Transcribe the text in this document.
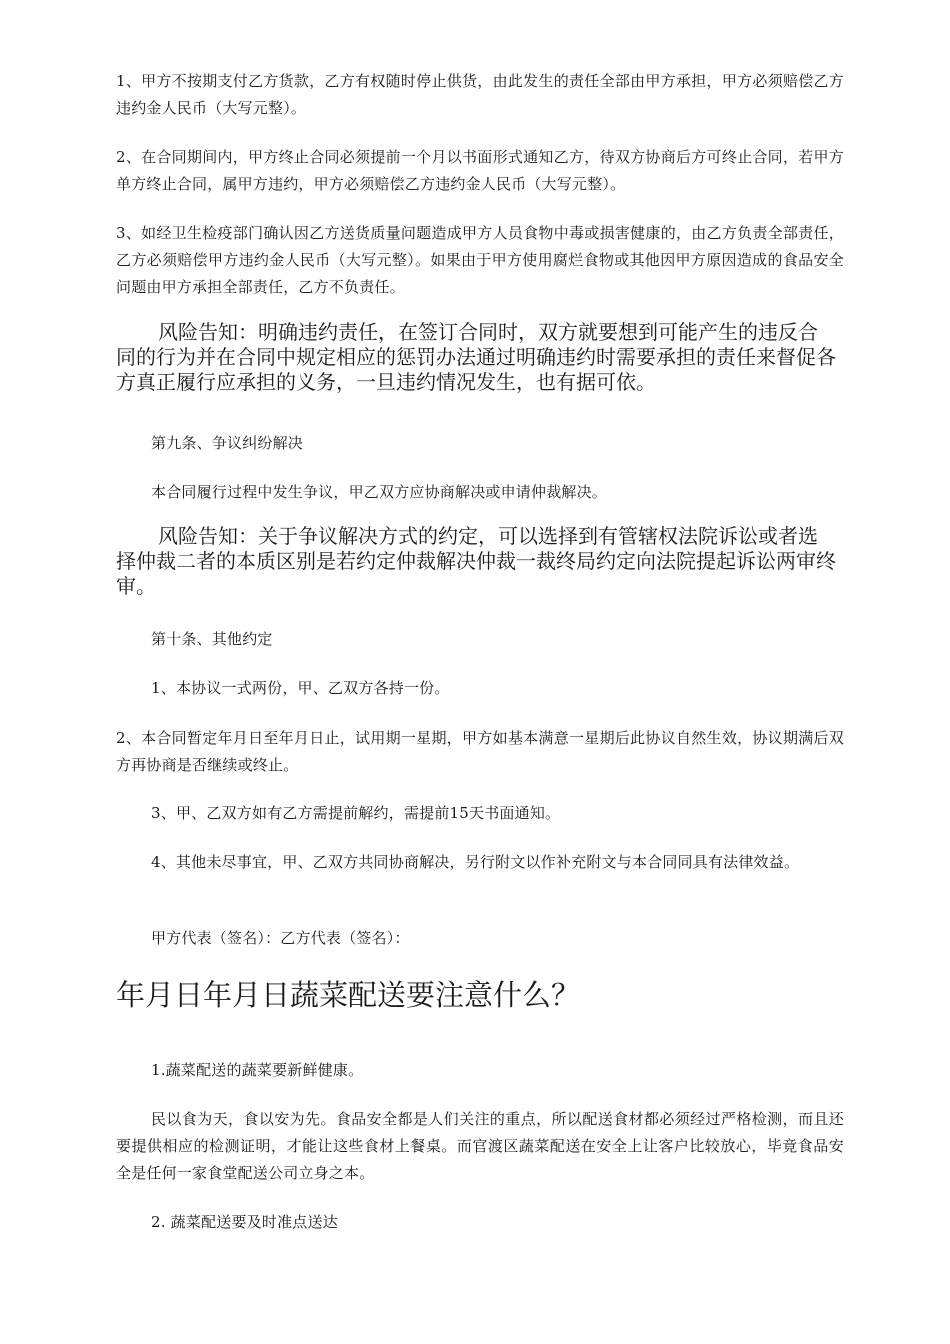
1、甲方不按期支付乙方货款，乙方有权随时停止供货，由此发生的责任全部由甲方承担，甲方必须赔偿乙方违约金人民币（大写元整）。

2、在合同期间内，甲方终止合同必须提前一个月以书面形式通知乙方，待双方协商后方可终止合同，若甲方单方终止合同，属甲方违约，甲方必须赔偿乙方违约金人民币（大写元整）。

3、如经卫生检疫部门确认因乙方送货质量问题造成甲方人员食物中毒或损害健康的，由乙方负责全部责任，乙方必须赔偿甲方违约金人民币（大写元整）。如果由于甲方使用腐烂食物或其他因甲方原因造成的食品安全问题由甲方承担全部责任，乙方不负责任。

风险告知：明确违约责任，在签订合同时，双方就要想到可能产生的违反合同的行为并在合同中规定相应的惩罚办法通过明确违约时需要承担的责任来督促各方真正履行应承担的义务，一旦违约情况发生，也有据可依。

第九条、争议纠纷解决

本合同履行过程中发生争议，甲乙双方应协商解决或申请仲裁解决。

风险告知：关于争议解决方式的约定，可以选择到有管辖权法院诉讼或者选择仲裁二者的本质区别是若约定仲裁解决仲裁一裁终局约定向法院提起诉讼两审终审。

第十条、其他约定

1、本协议一式两份，甲、乙双方各持一份。

2、本合同暂定年月日至年月日止，试用期一星期，甲方如基本满意一星期后此协议自然生效，协议期满后双方再协商是否继续或终止。

3、甲、乙双方如有乙方需提前解约，需提前15天书面通知。

4、其他未尽事宜，甲、乙双方共同协商解决，另行附文以作补充附文与本合同同具有法律效益。

甲方代表（签名）：乙方代表（签名）：

年月日年月日蔬菜配送要注意什么？

1.蔬菜配送的蔬菜要新鲜健康。

民以食为天，食以安为先。食品安全都是人们关注的重点，所以配送食材都必须经过严格检测，而且还要提供相应的检测证明，才能让这些食材上餐桌。而官渡区蔬菜配送在安全上让客户比较放心，毕竟食品安全是任何一家食堂配送公司立身之本。

2. 蔬菜配送要及时准点送达
